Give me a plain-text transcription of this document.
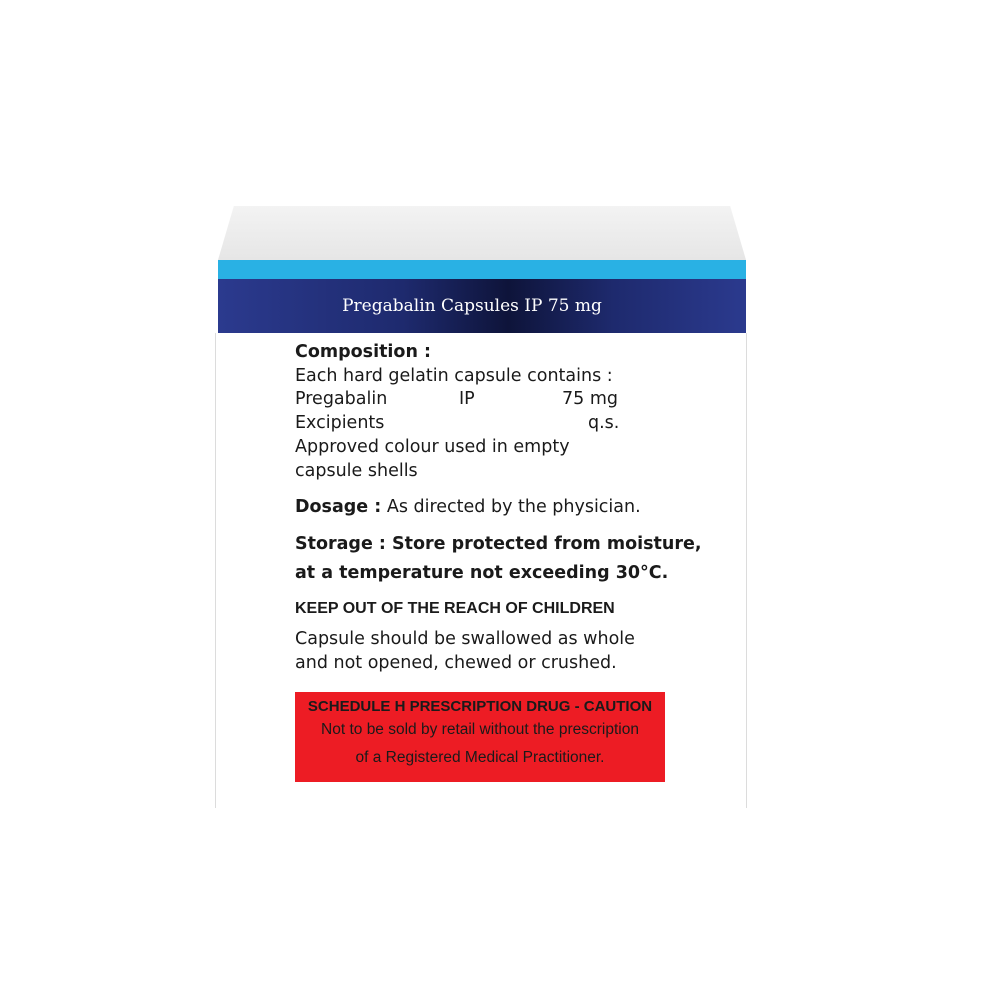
Pregabalin Capsules IP 75 mg
Composition :
Each hard gelatin capsule contains :
Pregabalin	IP	75 mg
Excipients	q.s.
Approved colour used in empty
capsule shells
Dosage : As directed by the physician.
Storage : Store protected from moisture,
at a temperature not exceeding 30°C.
KEEP OUT OF THE REACH OF CHILDREN
Capsule should be swallowed as whole
and not opened, chewed or crushed.
SCHEDULE H PRESCRIPTION DRUG - CAUTION
Not to be sold by retail without the prescription
of a Registered Medical Practitioner.
